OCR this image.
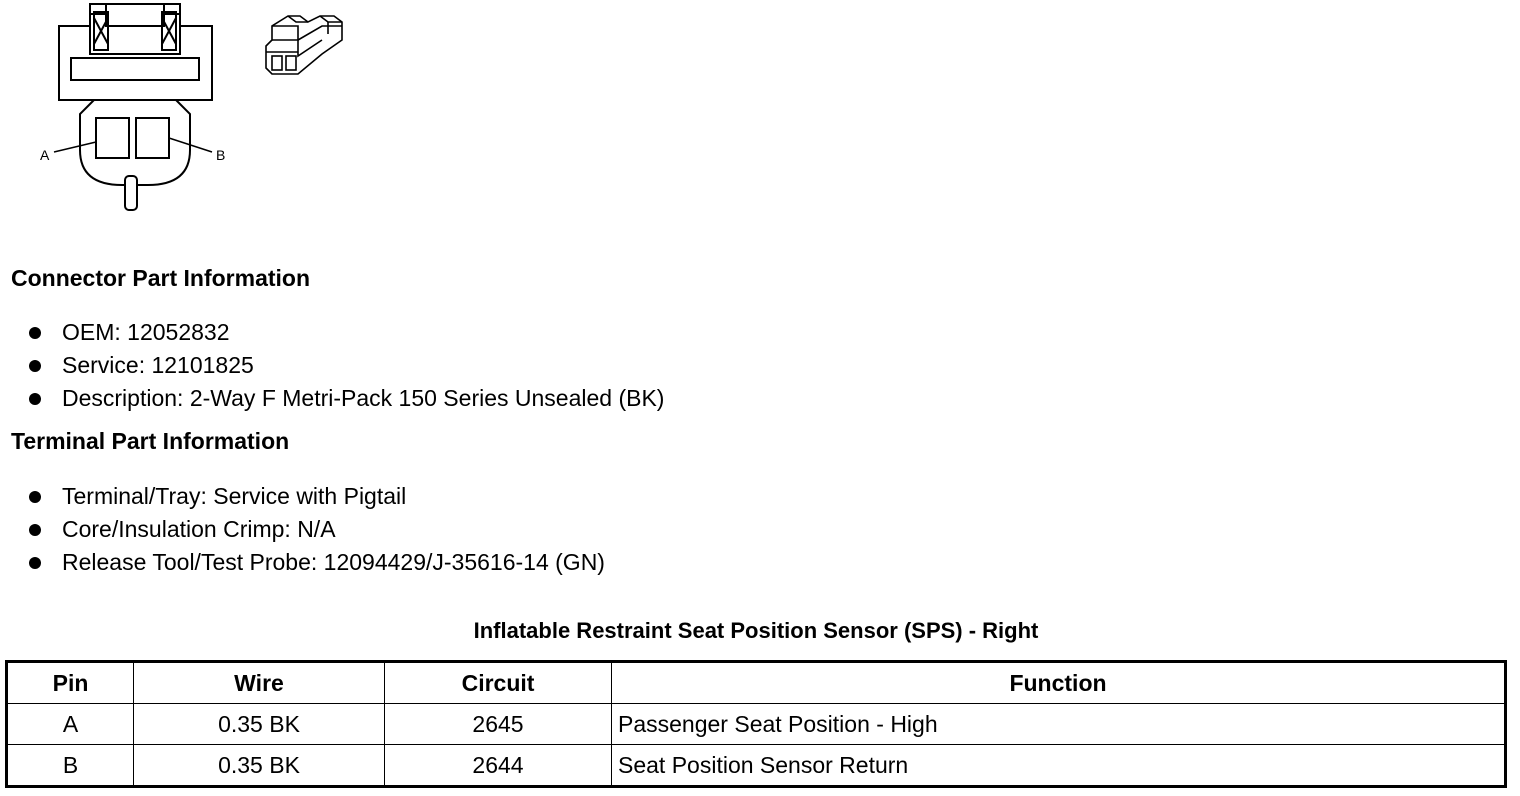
A	B
Connector Part Information
OEM: 12052832
Service: 12101825
Description: 2-Way F Metri-Pack 150 Series Unsealed (BK)
Terminal Part Information
Terminal/Tray: Service with Pigtail
Core/Insulation Crimp: N/A
Release Tool/Test Probe: 12094429/J-35616-14 (GN)
Inflatable Restraint Seat Position Sensor (SPS) - Right
Pin	Wire	Circuit	Function
A	0.35 BK	2645	Passenger Seat Position - High
B	0.35 BK	2644	Seat Position Sensor Return
